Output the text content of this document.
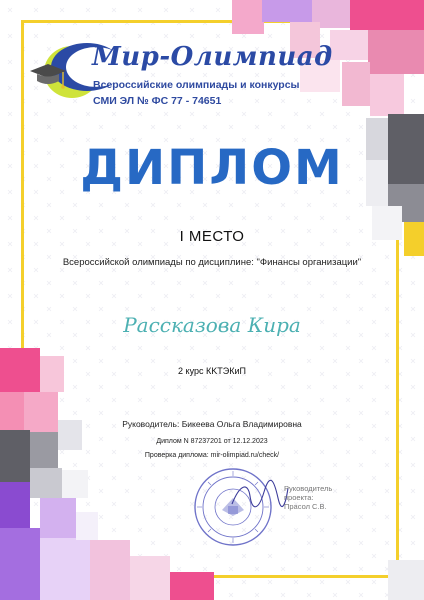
Мир-Олимпиад
Всероссийские олимпиады и конкурсы
СМИ ЭЛ № ФС 77 - 74651
ДИПЛОМ
I МЕСТО
Всероссийской олимпиады по дисциплине: "Финансы организации"
Рассказова Кира
2 курс КKТЭКиП
Руководитель: Бикеева Ольга Владимировна
Диплом N 87237201 от 12.12.2023
Проверка диплома: mir-olimpiad.ru/check/
Руководитель
проекта:
Прасол С.В.
